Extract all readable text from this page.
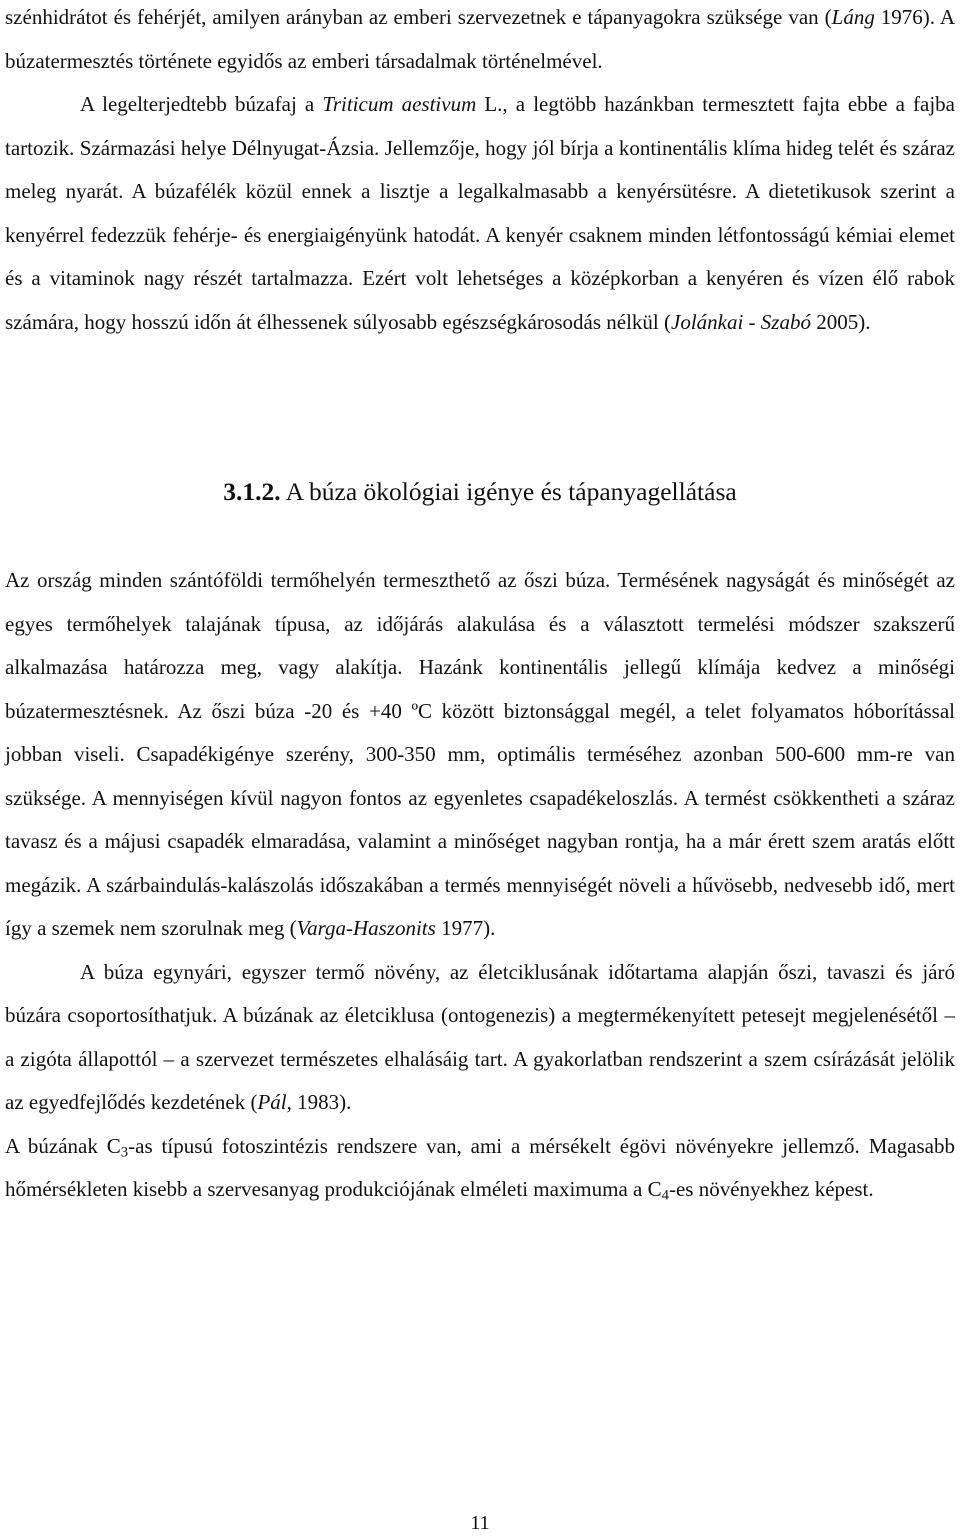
szénhidrátot és fehérjét, amilyen arányban az emberi szervezetnek e tápanyagokra szüksége van (Láng 1976). A búzatermesztés története egyidős az emberi társadalmak történelmével.

A legelterjedtebb búzafaj a Triticum aestivum L., a legtöbb hazánkban termesztett fajta ebbe a fajba tartozik. Származási helye Délnyugat-Ázsia. Jellemzője, hogy jól bírja a kontinentális klíma hideg telét és száraz meleg nyarát. A búzafélék közül ennek a lisztje a legalkalmasabb a kenyérsütésre. A dietetikusok szerint a kenyérrel fedezzük fehérje- és energiaigényünk hatodát. A kenyér csaknem minden létfontosságú kémiai elemet és a vitaminok nagy részét tartalmazza. Ezért volt lehetséges a középkorban a kenyéren és vízen élő rabok számára, hogy hosszú időn át élhessenek súlyosabb egészségkárosodás nélkül (Jolánkai - Szabó 2005).

3.1.2. A búza ökológiai igénye és tápanyagellátása

Az ország minden szántóföldi termőhelyén termeszthető az őszi búza. Termésének nagyságát és minőségét az egyes termőhelyek talajának típusa, az időjárás alakulása és a választott termelési módszer szakszerű alkalmazása határozza meg, vagy alakítja. Hazánk kontinentális jellegű klímája kedvez a minőségi búzatermesztésnek. Az őszi búza -20 és +40 ºC között biztonsággal megél, a telet folyamatos hóborítással jobban viseli. Csapadékigénye szerény, 300-350 mm, optimális terméséhez azonban 500-600 mm-re van szüksége. A mennyiségen kívül nagyon fontos az egyenletes csapadékeloszlás. A termést csökkentheti a száraz tavasz és a májusi csapadék elmaradása, valamint a minőséget nagyban rontja, ha a már érett szem aratás előtt megázik. A szárbaindulás-kalászolás időszakában a termés mennyiségét növeli a hűvösebb, nedvesebb idő, mert így a szemek nem szorulnak meg (Varga-Haszonits 1977).

A búza egynyári, egyszer termő növény, az életciklusának időtartama alapján őszi, tavaszi és járó búzára csoportosíthatjuk. A búzának az életciklusa (ontogenezis) a megtermékenyített petesejt megjelenésétől – a zigóta állapottól – a szervezet természetes elhalásáig tart. A gyakorlatban rendszerint a szem csírázását jelölik az egyedfejlődés kezdetének (Pál, 1983).

A búzának $C_3-as$ típusú fotoszintézis rendszere van, ami a mérsékelt égövi növényekre jellemző. Magasabb hőmérsékleten kisebb a szervesanyag produkciójának elméleti maximuma a $C_4-es$ növényekhez képest.

11
